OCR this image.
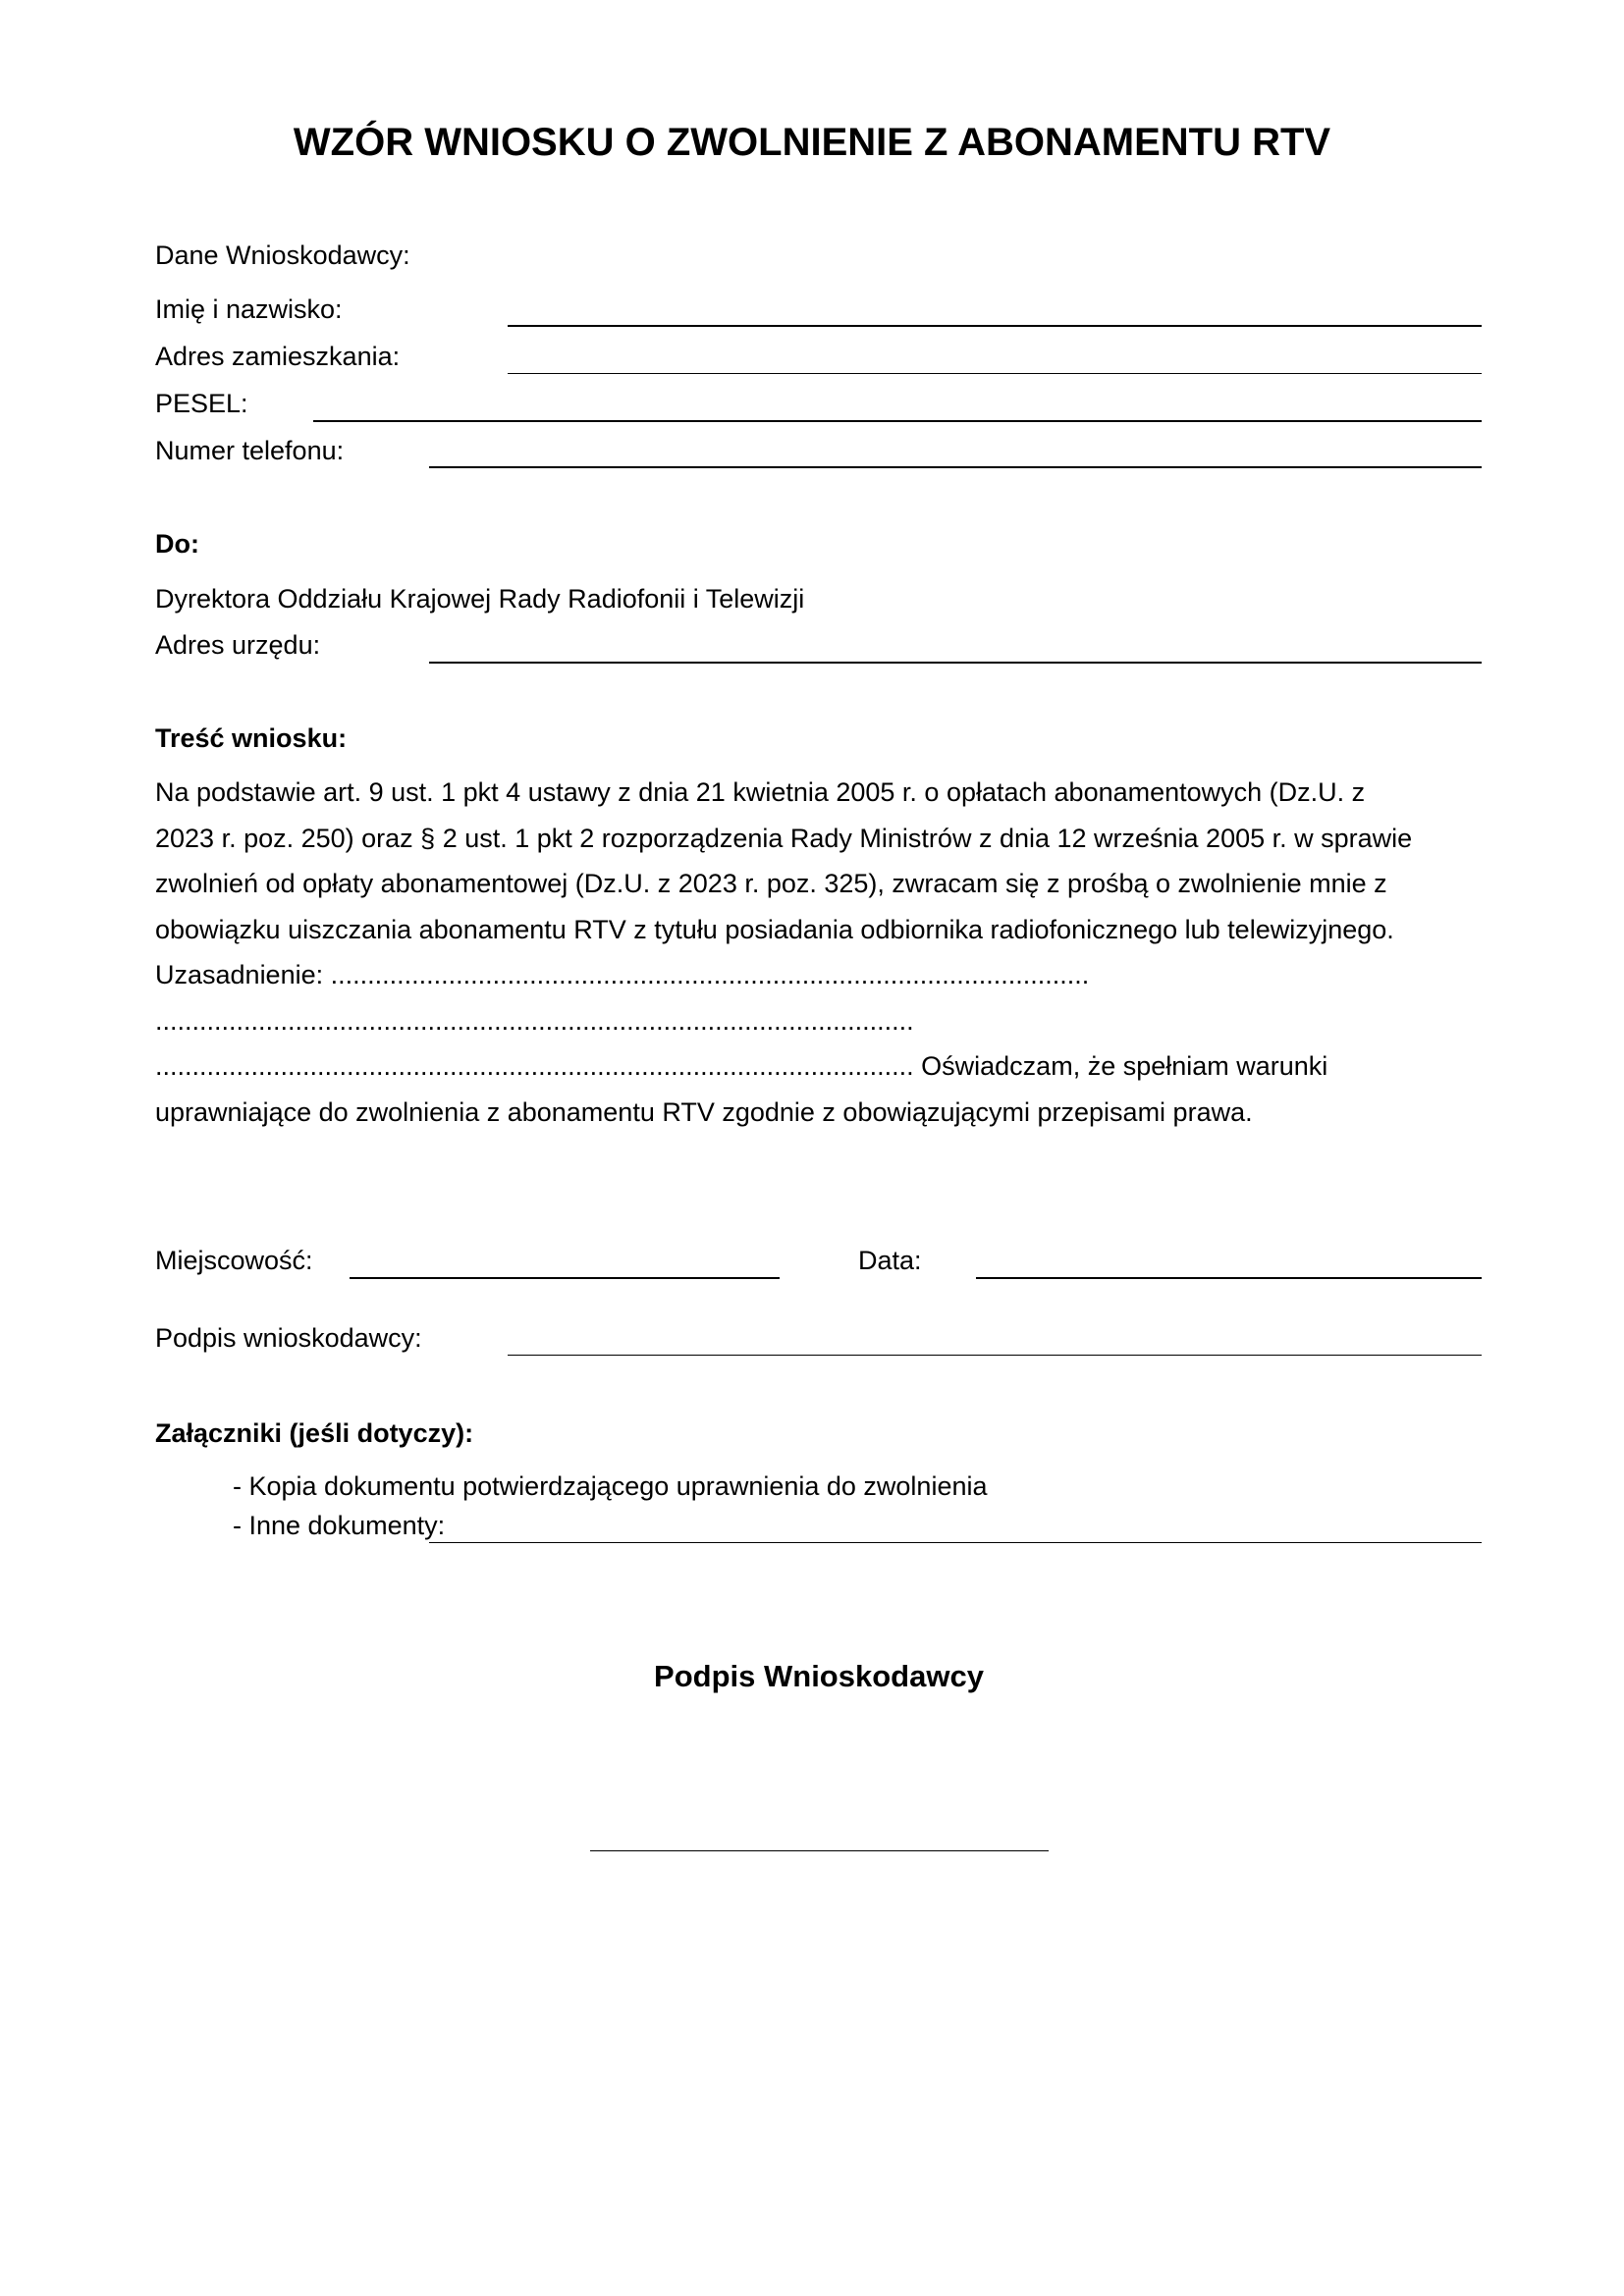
WZÓR WNIOSKU O ZWOLNIENIE Z ABONAMENTU RTV
Dane Wnioskodawcy:
Imię i nazwisko:
Adres zamieszkania:
PESEL:
Numer telefonu:
Do:
Dyrektora Oddziału Krajowej Rady Radiofonii i Telewizji
Adres urzędu:
Treść wniosku:
Na podstawie art. 9 ust. 1 pkt 4 ustawy z dnia 21 kwietnia 2005 r. o opłatach abonamentowych (Dz.U. z
2023 r. poz. 250) oraz § 2 ust. 1 pkt 2 rozporządzenia Rady Ministrów z dnia 12 września 2005 r. w sprawie
zwolnień od opłaty abonamentowej (Dz.U. z 2023 r. poz. 325), zwracam się z prośbą o zwolnienie mnie z
obowiązku uiszczania abonamentu RTV z tytułu posiadania odbiornika radiofonicznego lub telewizyjnego.
Uzasadnienie: .......................................................................................................
.......................................................................................................
....................................................................................................... Oświadczam, że spełniam warunki
uprawniające do zwolnienia z abonamentu RTV zgodnie z obowiązującymi przepisami prawa.
Miejscowość:	Data:
Podpis wnioskodawcy:
Załączniki (jeśli dotyczy):
- Kopia dokumentu potwierdzającego uprawnienia do zwolnienia
- Inne dokumenty:
Podpis Wnioskodawcy
